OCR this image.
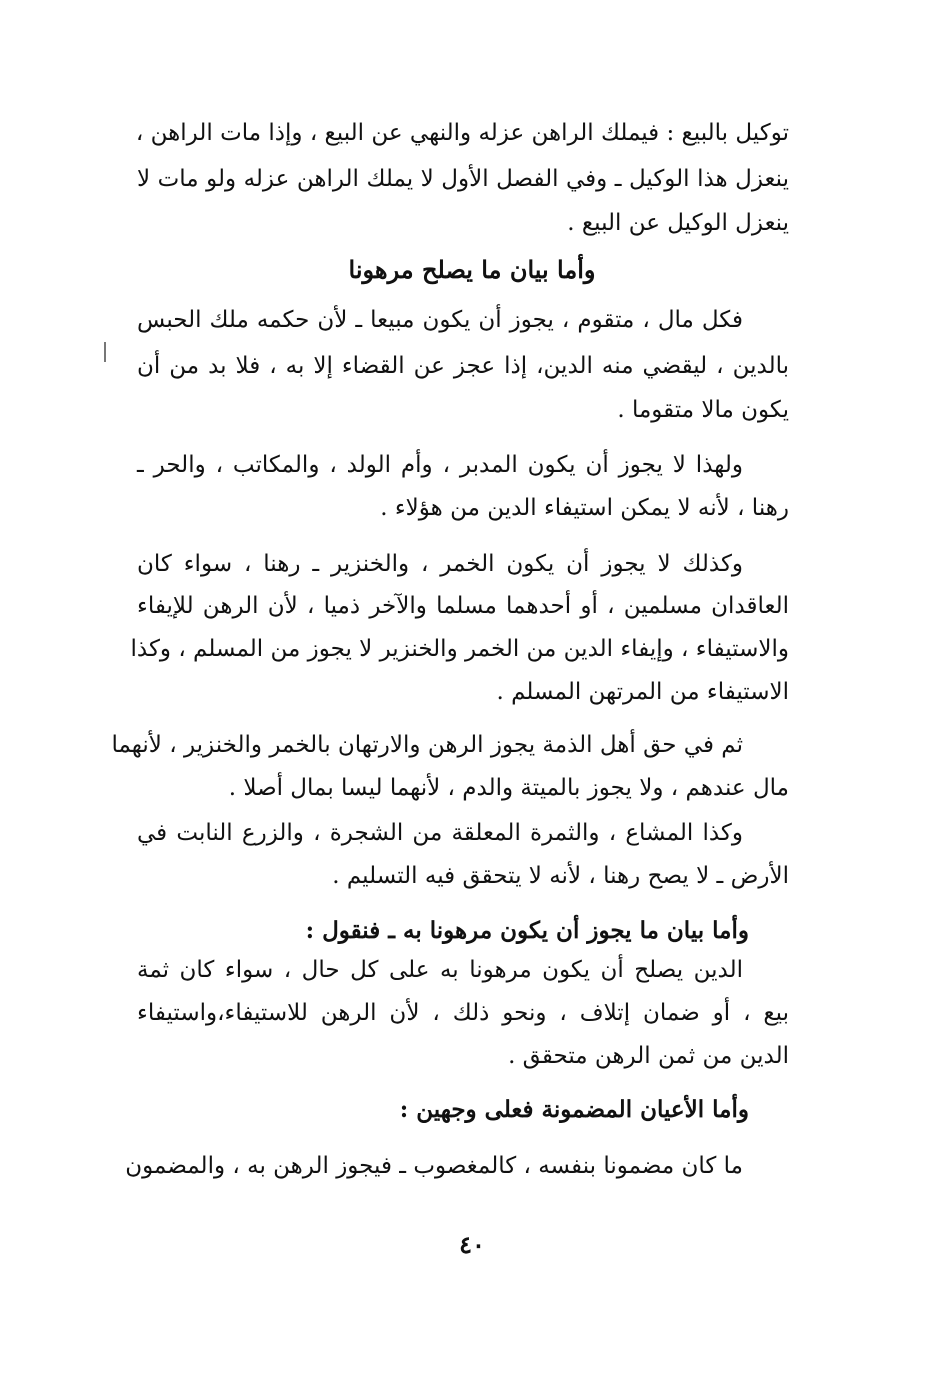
توكيل بالبيع : فيملك الراهن عزله والنهي عن البيع ، وإذا مات الراهن ،
ينعزل هذا الوكيل ـ وفي الفصل الأول لا يملك الراهن عزله ولو مات لا
ينعزل الوكيل عن البيع .
وأما بيان ما يصلح مرهونا
فكل مال ، متقوم ، يجوز أن يكون مبيعا ـ لأن حكمه ملك الحبس
بالدين ، ليقضي منه الدين، إذا عجز عن القضاء إلا به ، فلا بد من أن
يكون مالا متقوما .
ولهذا لا يجوز أن يكون المدبر ، وأم الولد ، والمكاتب ، والحر ـ
رهنا ، لأنه لا يمكن استيفاء الدين من هؤلاء .
وكذلك لا يجوز أن يكون الخمر ، والخنزير ـ رهنا ، سواء كان
العاقدان مسلمين ، أو أحدهما مسلما والآخر ذميا ، لأن الرهن للإيفاء
والاستيفاء ، وإيفاء الدين من الخمر والخنزير لا يجوز من المسلم ، وكذا
الاستيفاء من المرتهن المسلم .
ثم في حق أهل الذمة يجوز الرهن والارتهان بالخمر والخنزير ، لأنهما
مال عندهم ، ولا يجوز بالميتة والدم ، لأنهما ليسا بمال أصلا .
وكذا المشاع ، والثمرة المعلقة من الشجرة ، والزرع النابت في
الأرض ـ لا يصح رهنا ، لأنه لا يتحقق فيه التسليم .
وأما بيان ما يجوز أن يكون مرهونا به ـ فنقول :
الدين يصلح أن يكون مرهونا به على كل حال ، سواء كان ثمة
بيع ، أو ضمان إتلاف ، ونحو ذلك ، لأن الرهن للاستيفاء،واستيفاء
الدين من ثمن الرهن متحقق .
وأما الأعيان المضمونة فعلى وجهين :
ما كان مضمونا بنفسه ، كالمغصوب ـ فيجوز الرهن به ، والمضمون
٤٠
